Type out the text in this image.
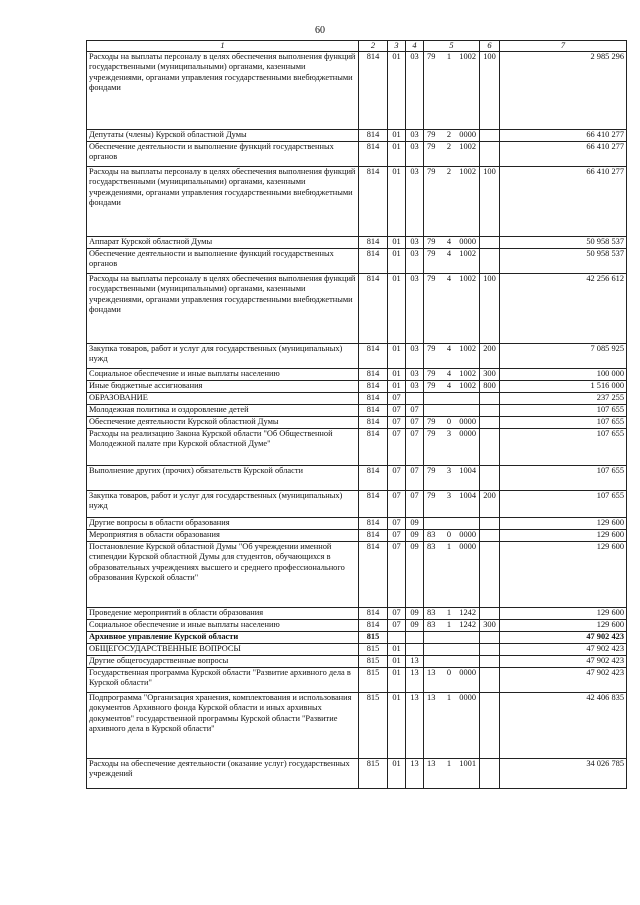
60
1	2	3	4	5	6	7
Расходы на выплаты персоналу в целях обеспечения выполнения функций государственными (муниципальными) органами, казенными учреждениями, органами управления государственными внебюджетными фондами	814	01	03	79 1 1002	100	2 985 296
Депутаты (члены) Курской областной Думы	814	01	03	79 2 0000		66 410 277
Обеспечение деятельности и выполнение функций государственных органов	814	01	03	79 2 1002		66 410 277
Расходы на выплаты персоналу в целях обеспечения выполнения функций государственными (муниципальными) органами, казенными учреждениями, органами управления государственными внебюджетными фондами	814	01	03	79 2 1002	100	66 410 277
Аппарат Курской областной Думы	814	01	03	79 4 0000		50 958 537
Обеспечение деятельности и выполнение функций государственных органов	814	01	03	79 4 1002		50 958 537
Расходы на выплаты персоналу в целях обеспечения выполнения функций государственными (муниципальными) органами, казенными учреждениями, органами управления государственными внебюджетными фондами	814	01	03	79 4 1002	100	42 256 612
Закупка товаров, работ и услуг для государственных (муниципальных) нужд	814	01	03	79 4 1002	200	7 085 925
Социальное обеспечение и иные выплаты населению	814	01	03	79 4 1002	300	100 000
Иные бюджетные ассигнования	814	01	03	79 4 1002	800	1 516 000
ОБРАЗОВАНИЕ	814	07				237 255
Молодежная политика и оздоровление детей	814	07	07			107 655
Обеспечение деятельности Курской областной Думы	814	07	07	79 0 0000		107 655
Расходы на реализацию Закона Курской области "Об Общественной Молодежной палате при Курской областной Думе"	814	07	07	79 3 0000		107 655
Выполнение других (прочих) обязательств Курской области	814	07	07	79 3 1004		107 655
Закупка товаров, работ и услуг для государственных (муниципальных) нужд	814	07	07	79 3 1004	200	107 655
Другие вопросы в области образования	814	07	09			129 600
Мероприятия в области образования	814	07	09	83 0 0000		129 600
Постановление Курской областной Думы "Об учреждении именной стипендии Курской областной Думы для студентов, обучающихся в образовательных учреждениях высшего и среднего профессионального образования Курской области"	814	07	09	83 1 0000		129 600
Проведение мероприятий в области образования	814	07	09	83 1 1242		129 600
Социальное обеспечение и иные выплаты населению	814	07	09	83 1 1242	300	129 600
Архивное управление Курской области	815					47 902 423
ОБЩЕГОСУДАРСТВЕННЫЕ ВОПРОСЫ	815	01				47 902 423
Другие общегосударственные вопросы	815	01	13			47 902 423
Государственная программа Курской области "Развитие архивного дела в Курской области"	815	01	13	13 0 0000		47 902 423
Подпрограмма "Организация хранения, комплектования и использования документов Архивного фонда Курской области и иных архивных документов" государственной программы Курской области "Развитие архивного дела в Курской области"	815	01	13	13 1 0000		42 406 835
Расходы на обеспечение деятельности (оказание услуг) государственных учреждений	815	01	13	13 1 1001		34 026 785
